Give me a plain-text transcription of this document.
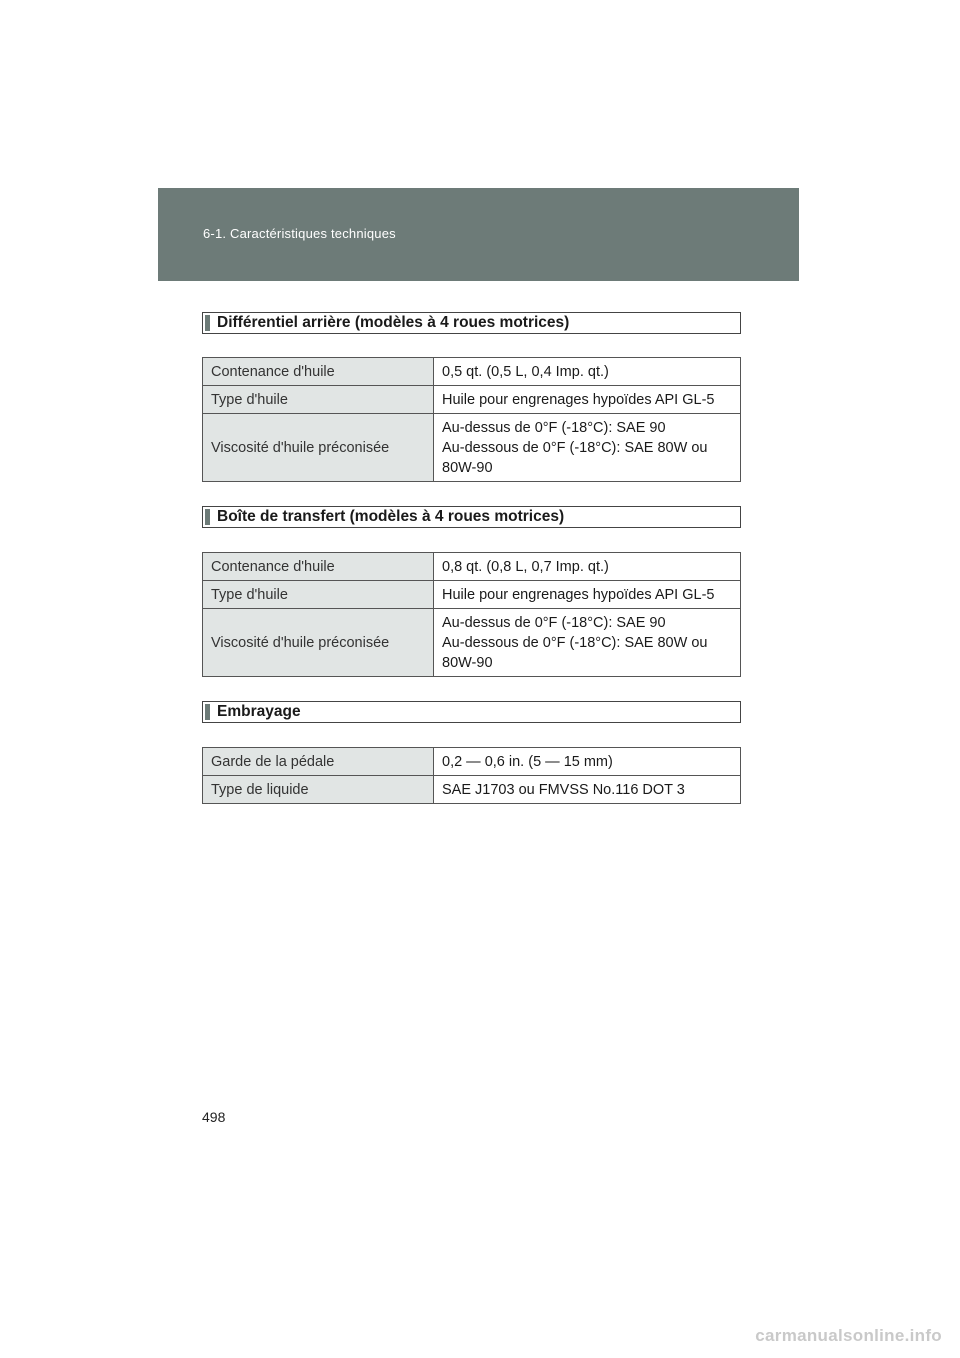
6-1. Caractéristiques techniques
Différentiel arrière (modèles à 4 roues motrices)
Contenance d'huile	0,5 qt. (0,5 L, 0,4 Imp. qt.)
Type d'huile	Huile pour engrenages hypoïdes API GL-5
Viscosité d'huile préconisée	Au-dessus de 0°F (-18°C): SAE 90
Au-dessous de 0°F (-18°C): SAE 80W ou
80W-90
Boîte de transfert (modèles à 4 roues motrices)
Contenance d'huile	0,8 qt. (0,8 L, 0,7 Imp. qt.)
Type d'huile	Huile pour engrenages hypoïdes API GL-5
Viscosité d'huile préconisée	Au-dessus de 0°F (-18°C): SAE 90
Au-dessous de 0°F (-18°C): SAE 80W ou
80W-90
Embrayage
Garde de la pédale	0,2 — 0,6 in. (5 — 15 mm)
Type de liquide	SAE J1703 ou FMVSS No.116 DOT 3
498
carmanualsonline.info
